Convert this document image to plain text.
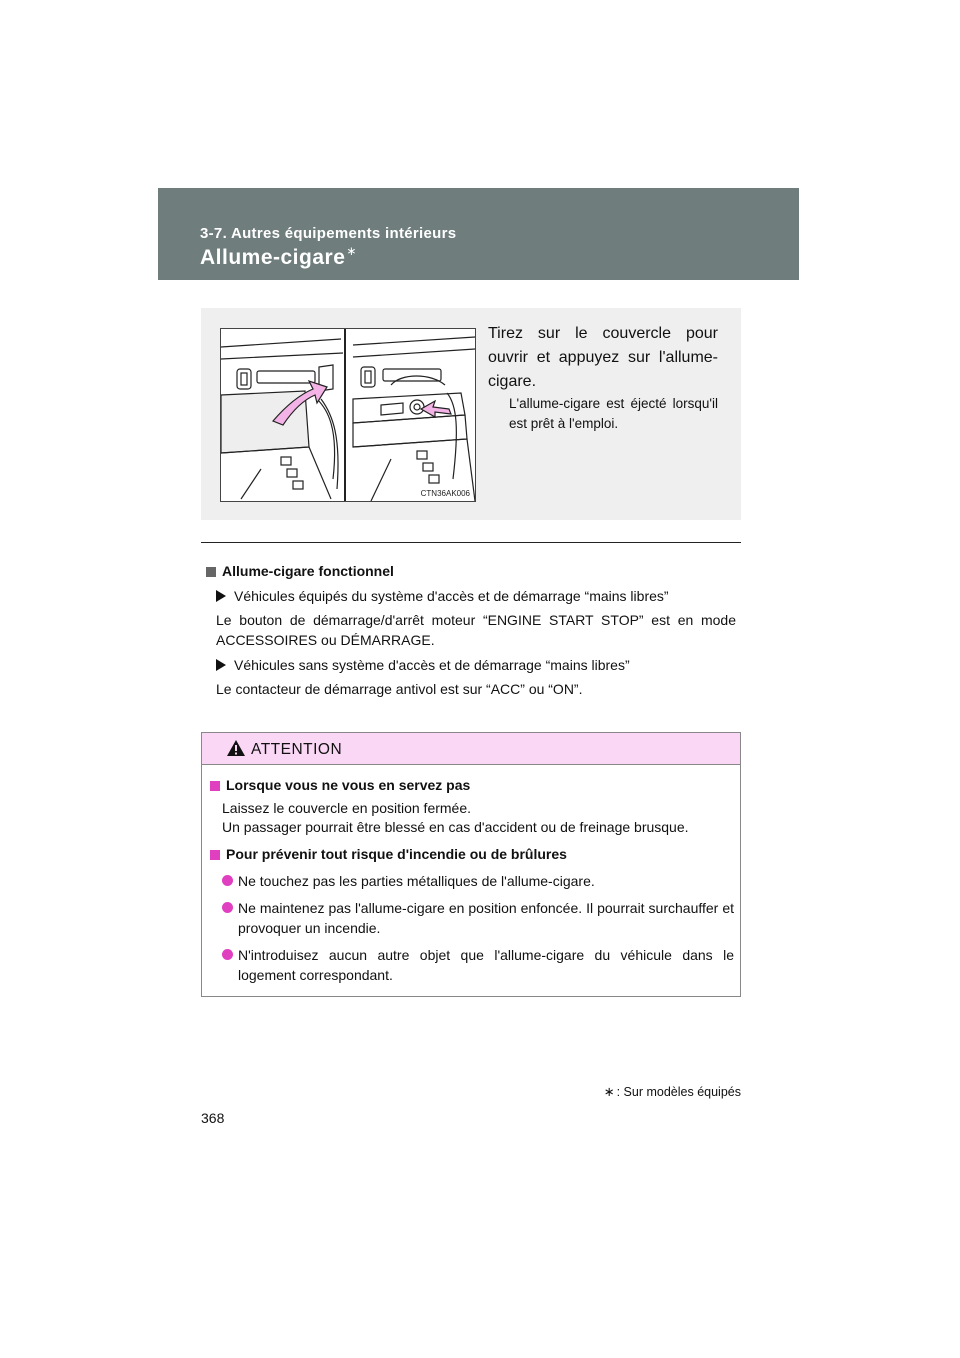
3-7. Autres équipements intérieurs
Allume-cigare∗
CTN36AK006
Tirez sur le couvercle pour ouvrir et appuyez sur l'allume-cigare.
L'allume-cigare est éjecté lorsqu'il est prêt à l'emploi.
Allume-cigare fonctionnel
Véhicules équipés du système d'accès et de démarrage “mains libres”
Le bouton de démarrage/d'arrêt moteur “ENGINE START STOP” est en mode ACCESSOIRES ou DÉMARRAGE.
Véhicules sans système d'accès et de démarrage “mains libres”
Le contacteur de démarrage antivol est sur “ACC” ou “ON”.
ATTENTION
Lorsque vous ne vous en servez pas
Laissez le couvercle en position fermée.
Un passager pourrait être blessé en cas d'accident ou de freinage brusque.
Pour prévenir tout risque d'incendie ou de brûlures
Ne touchez pas les parties métalliques de l'allume-cigare.
Ne maintenez pas l'allume-cigare en position enfoncée. Il pourrait surchauffer et provoquer un incendie.
N'introduisez aucun autre objet que l'allume-cigare du véhicule dans le logement correspondant.
∗ : Sur modèles équipés
368
